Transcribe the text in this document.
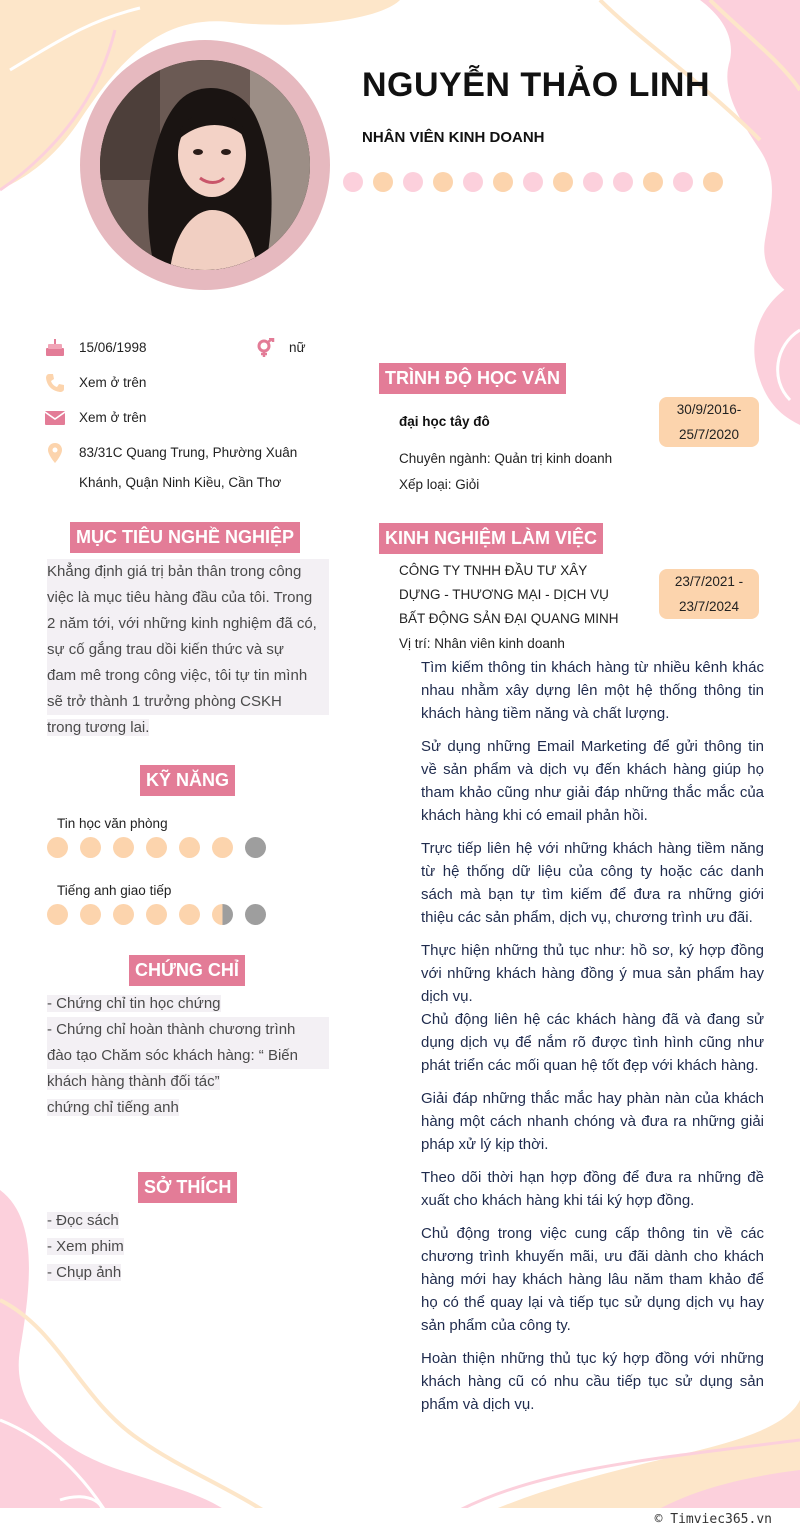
NGUYỄN THẢO LINH
NHÂN VIÊN KINH DOANH
15/06/1998	nữ
Xem ở trên
Xem ở trên
83/31C Quang Trung, Phường Xuân
Khánh, Quận Ninh Kiều, Cần Thơ
MỤC TIÊU NGHỀ NGHIỆP
Khẳng định giá trị bản thân trong công
việc là mục tiêu hàng đầu của tôi. Trong
2 năm tới, với những kinh nghiệm đã có,
sự cố gắng trau dồi kiến thức và sự
đam mê trong công việc, tôi tự tin mình
sẽ trở thành 1 trưởng phòng CSKH
trong tương lai.
KỸ NĂNG
Tin học văn phòng
Tiếng anh giao tiếp
CHỨNG CHỈ
- Chứng chỉ tin học chứng
- Chứng chỉ hoàn thành chương trình
đào tạo Chăm sóc khách hàng: “ Biến
khách hàng thành đối tác”
chứng chỉ tiếng anh
SỞ THÍCH
- Đọc sách
- Xem phim
- Chụp ảnh
TRÌNH ĐỘ HỌC VẤN
đại học tây đô
30/9/2016-
25/7/2020
Chuyên ngành: Quản trị kinh doanh
Xếp loại: Giỏi
KINH NGHIỆM LÀM VIỆC
CÔNG TY TNHH ĐẦU TƯ XÂY
DỰNG - THƯƠNG MẠI - DỊCH VỤ
BẤT ĐỘNG SẢN ĐẠI QUANG MINH
23/7/2021 -
23/7/2024
Vị trí: Nhân viên kinh doanh
Tìm kiếm thông tin khách hàng từ nhiều kênh khác nhau nhằm xây dựng lên một hệ thống thông tin khách hàng tiềm năng và chất lượng.
Sử dụng những Email Marketing để gửi thông tin về sản phẩm và dịch vụ đến khách hàng giúp họ tham khảo cũng như giải đáp những thắc mắc của khách hàng khi có email phản hồi.
Trực tiếp liên hệ với những khách hàng tiềm năng từ hệ thống dữ liệu của công ty hoặc các danh sách mà bạn tự tìm kiếm để đưa ra những giới thiệu các sản phẩm, dịch vụ, chương trình ưu đãi.
Thực hiện những thủ tục như: hồ sơ, ký hợp đồng với những khách hàng đồng ý mua sản phẩm hay dịch vụ.
Chủ động liên hệ các khách hàng đã và đang sử dụng dịch vụ để nắm rõ được tình hình cũng như phát triển các mối quan hệ tốt đẹp với khách hàng.
Giải đáp những thắc mắc hay phàn nàn của khách hàng một cách nhanh chóng và đưa ra những giải pháp xử lý kịp thời.
Theo dõi thời hạn hợp đồng để đưa ra những đề xuất cho khách hàng khi tái ký hợp đồng.
Chủ động trong việc cung cấp thông tin về các chương trình khuyến mãi, ưu đãi dành cho khách hàng mới hay khách hàng lâu năm tham khảo để họ có thể quay lại và tiếp tục sử dụng dịch vụ hay sản phẩm của công ty.
Hoàn thiện những thủ tục ký hợp đồng với những khách hàng cũ có nhu cầu tiếp tục sử dụng sản phẩm và dịch vụ.
© Timviec365.vn
